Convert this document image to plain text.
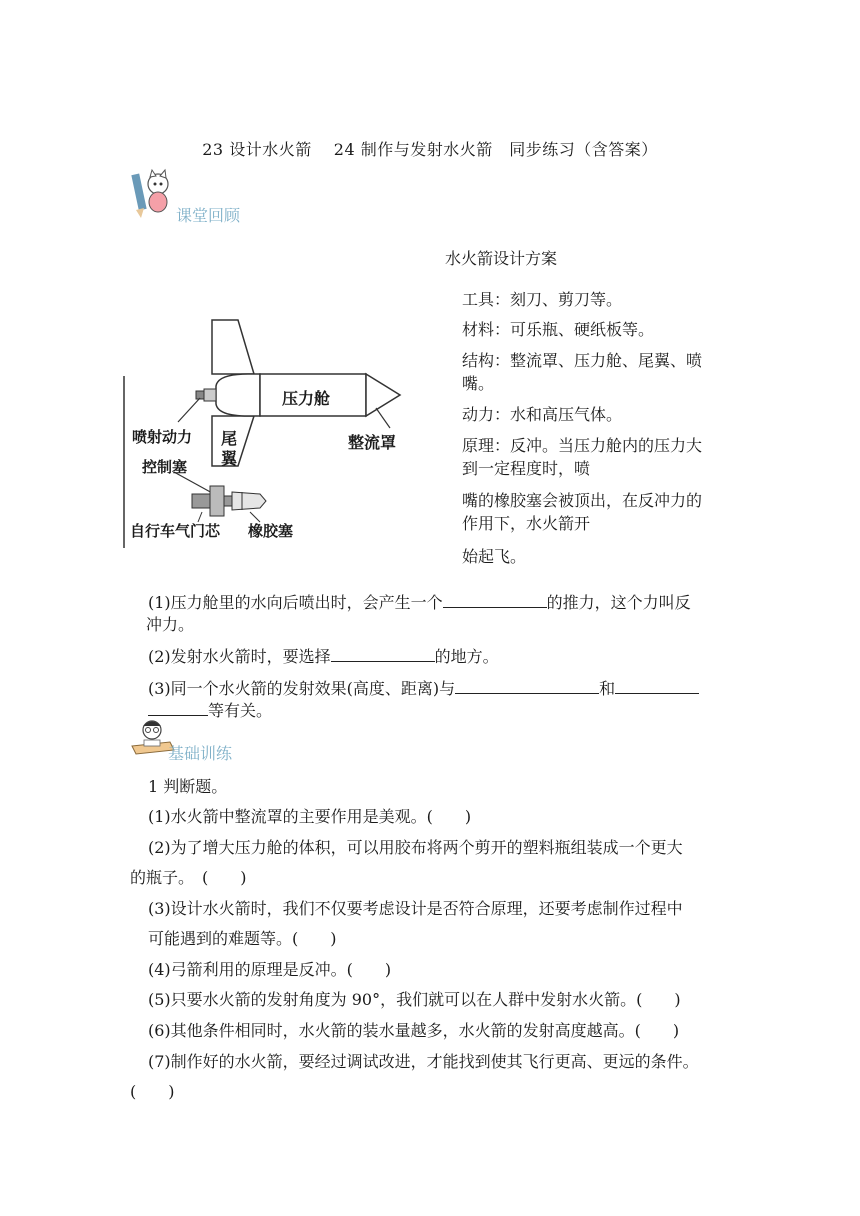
23 设计水火箭　 24 制作与发射水火箭　同步练习（含答案）
课堂回顾
压力舱
整流罩
尾
翼
喷射动力
控制塞
自行车气门芯 橡胶塞
水火箭设计方案
工具：刻刀、剪刀等。
材料：可乐瓶、硬纸板等。
结构：整流罩、压力舱、尾翼、喷
嘴。
动力：水和高压气体。
原理：反冲。当压力舱内的压力大
到一定程度时，喷
嘴的橡胶塞会被顶出，在反冲力的
作用下，水火箭开
始起飞。
(1)压力舱里的水向后喷出时，会产生一个	的推力，这个力叫反
冲力。
(2)发射水火箭时，要选择	的地方。
(3)同一个水火箭的发射效果(高度、距离)与	和
等有关。
基础训练
1 判断题。
(1)水火箭中整流罩的主要作用是美观。(　　)
(2)为了增大压力舱的体积，可以用胶布将两个剪开的塑料瓶组装成一个更大
的瓶子。　(　　)
(3)设计水火箭时，我们不仅要考虑设计是否符合原理，还要考虑制作过程中
可能遇到的难题等。(　　)
(4)弓箭利用的原理是反冲。(　　)
(5)只要水火箭的发射角度为 90°，我们就可以在人群中发射水火箭。(　　)
(6)其他条件相同时，水火箭的装水量越多，水火箭的发射高度越高。(　　)
(7)制作好的水火箭，要经过调试改进，才能找到使其飞行更高、更远的条件。
(　　)
